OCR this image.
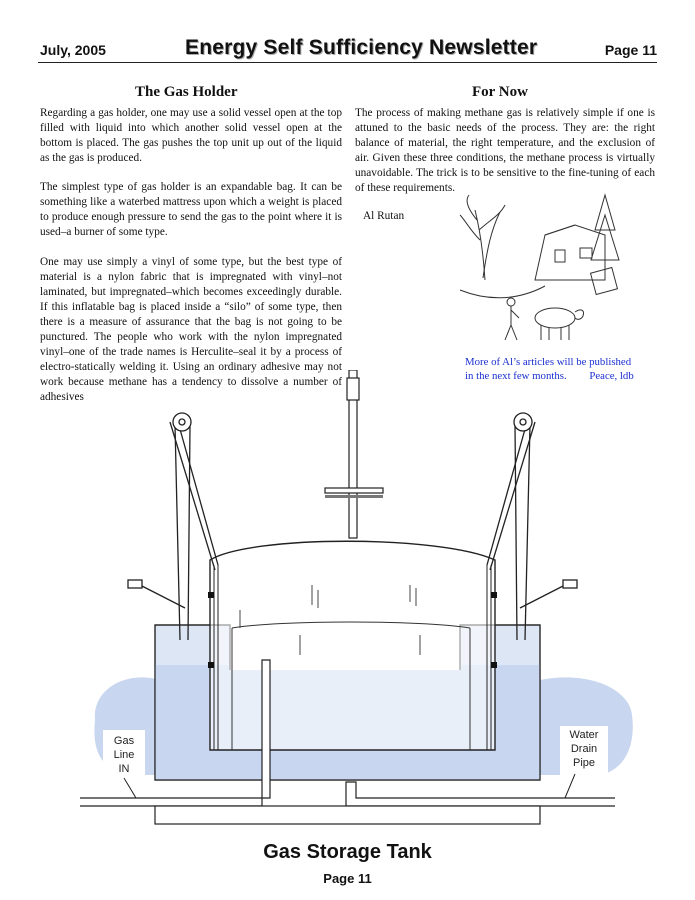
July, 2005	Energy Self Sufficiency Newsletter	Page 11
The Gas Holder

Regarding a gas holder, one may use a solid vessel open at the top filled with liquid into which another solid vessel open at the bottom is placed. The gas pushes the top unit up out of the liquid as the gas is produced.

The simplest type of gas holder is an expandable bag. It can be something like a waterbed mattress upon which a weight is placed to produce enough pressure to send the gas to the point where it is used–a burner of some type.

One may use simply a vinyl of some type, but the best type of material is a nylon fabric that is impregnated with vinyl–not laminated, but impregnated–which becomes exceedingly durable. If this inflatable bag is placed inside a “silo” of some type, then there is a measure of assurance that the bag is not going to be punctured. The people who work with the nylon impregnated vinyl–one of the trade names is Herculite–seal it by a process of electro-statically welding it. Using an ordinary adhesive may not work because methane has a tendency to dissolve a number of adhesives

For Now

The process of making methane gas is relatively simple if one is attuned to the basic needs of the process. They are: the right balance of material, the right temperature, and the exclusion of air. Given these three conditions, the methane process is virtually unavoidable. The trick is to be sensitive to the fine-tuning of each of these requirements.

Al Rutan
More of Al’s articles will be published
in the next few months. Peace, ldb
Gas
Line
IN
Water
Drain
Pipe
Gas Storage Tank
Page 11
